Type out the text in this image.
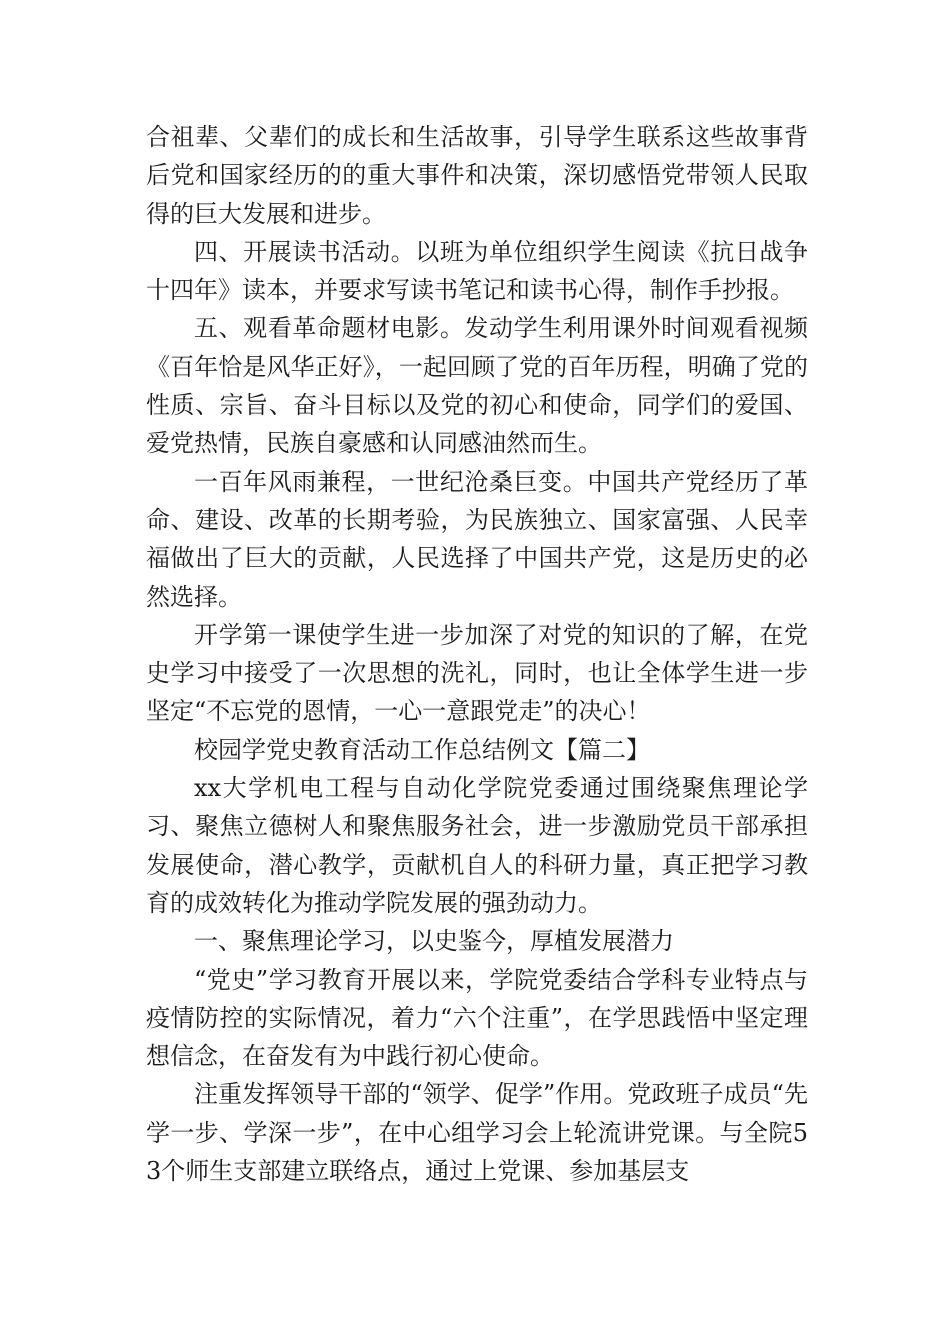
合祖辈、父辈们的成长和生活故事，引导学生联系这些故事背后党和国家经历的的重大事件和决策，深切感悟党带领人民取得的巨大发展和进步。

四、开展读书活动。以班为单位组织学生阅读《抗日战争十四年》读本，并要求写读书笔记和读书心得，制作手抄报。

五、观看革命题材电影。发动学生利用课外时间观看视频《百年恰是风华正好》，一起回顾了党的百年历程，明确了党的性质、宗旨、奋斗目标以及党的初心和使命，同学们的爱国、爱党热情，民族自豪感和认同感油然而生。

一百年风雨兼程，一世纪沧桑巨变。中国共产党经历了革命、建设、改革的长期考验，为民族独立、国家富强、人民幸福做出了巨大的贡献，人民选择了中国共产党，这是历史的必然选择。

开学第一课使学生进一步加深了对党的知识的了解，在党史学习中接受了一次思想的洗礼，同时，也让全体学生进一步坚定“不忘党的恩情，一心一意跟党走”的决心！

校园学党史教育活动工作总结例文【篇二】

xx大学机电工程与自动化学院党委通过围绕聚焦理论学习、聚焦立德树人和聚焦服务社会，进一步激励党员干部承担发展使命，潜心教学，贡献机自人的科研力量，真正把学习教育的成效转化为推动学院发展的强劲动力。

一、聚焦理论学习，以史鉴今，厚植发展潜力

“党史”学习教育开展以来，学院党委结合学科专业特点与疫情防控的实际情况，着力“六个注重”，在学思践悟中坚定理想信念，在奋发有为中践行初心使命。

注重发挥领导干部的“领学、促学”作用。党政班子成员“先学一步、学深一步”，在中心组学习会上轮流讲党课。与全院53个师生支部建立联络点，通过上党课、参加基层支
